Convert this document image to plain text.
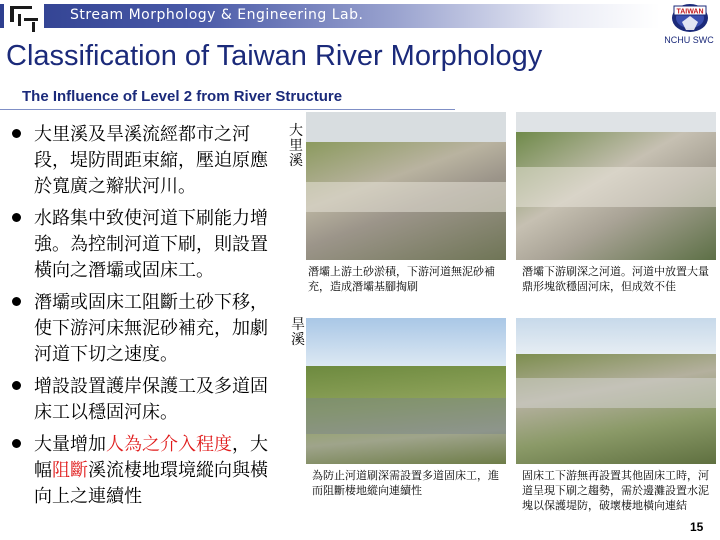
Stream Morphology & Engineering Lab.	TAIWAN
NCHU SWC
Classification of Taiwan River Morphology
The Influence of Level 2 from River Structure
大里溪及旱溪流經都市之河段，堤防間距束縮，壓迫原應於寬廣之辮狀河川。
水路集中致使河道下刷能力增強。為控制河道下刷，則設置橫向之潛壩或固床工。
潛壩或固床工阻斷土砂下移，使下游河床無泥砂補充，加劇河道下切之速度。
增設設置護岸保護工及多道固床工以穩固河床。
大量增加人為之介入程度，大幅阻斷溪流棲地環境縱向與橫向上之連續性
大里溪
旱溪
潛壩上游土砂淤積，下游河道無泥砂補充，造成潛壩基腳掏刷
潛壩下游刷深之河道。河道中放置大量鼎形塊欲穩固河床，但成效不佳
為防止河道刷深需設置多道固床工，進而阻斷棲地縱向連續性
固床工下游無再設置其他固床工時，河道呈現下刷之趨勢，需於邊灘設置水泥塊以保護堤防，破壞棲地橫向連結
15
